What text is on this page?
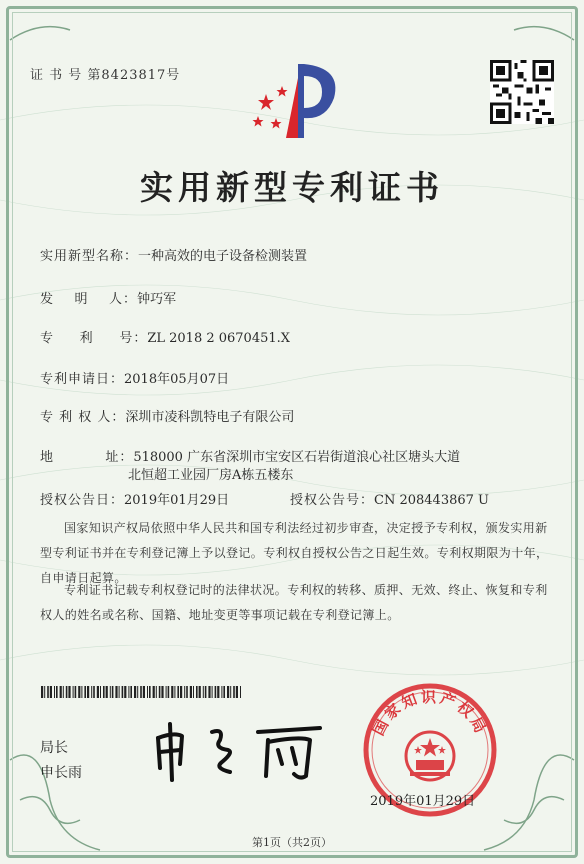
证 书 号 第8423817号
实用新型专利证书
实用新型名称：一种高效的电子设备检测装置
发    明    人：钟巧军
专     利     号：ZL 2018 2 0670451.X
专利申请日：2018年05月07日
专 利 权 人：深圳市凌科凯特电子有限公司
地          址：518000 广东省深圳市宝安区石岩街道浪心社区塘头大道
北恒超工业园厂房A栋五楼东
授权公告日：2019年01月29日	授权公告号：CN 208443867 U
国家知识产权局依照中华人民共和国专利法经过初步审查，决定授予专利权，颁发实用新型专利证书并在专利登记簿上予以登记。专利权自授权公告之日起生效。专利权期限为十年，自申请日起算。
专利证书记载专利权登记时的法律状况。专利权的转移、质押、无效、终止、恢复和专利权人的姓名或名称、国籍、地址变更等事项记载在专利登记簿上。
局长
申长雨
国家知识产权局
2019年01月29日
第1页（共2页）
